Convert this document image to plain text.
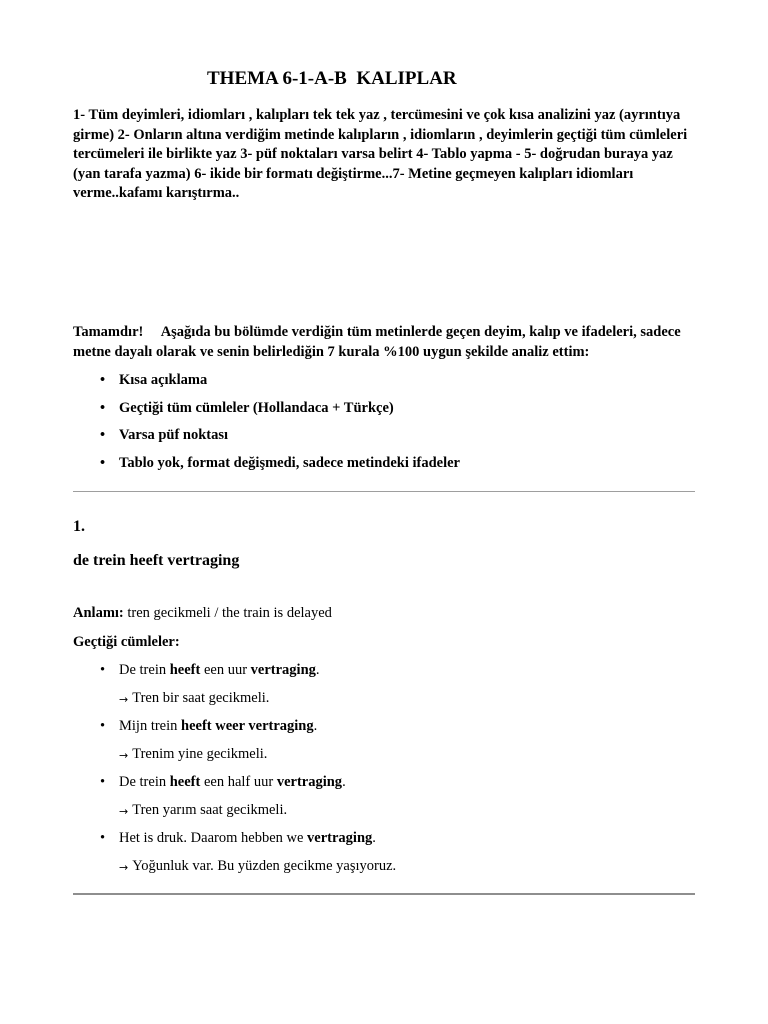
THEMA 6-1-A-B  KALIPLAR

1- Tüm deyimleri, idiomları , kalıpları tek tek yaz , tercümesini ve çok kısa analizini yaz (ayrıntıya girme) 2- Onların altına verdiğim metinde kalıpların , idiomların , deyimlerin geçtiği tüm cümleleri tercümeleri ile birlikte yaz 3- püf noktaları varsa belirt 4- Tablo yapma - 5- doğrudan buraya yaz (yan tarafa yazma) 6- ikide bir formatı değiştirme...7- Metine geçmeyen kalıpları idiomları verme..kafamı karıştırma..

Tamamdır!     Aşağıda bu bölümde verdiğin tüm metinlerde geçen deyim, kalıp ve ifadeleri, sadece metne dayalı olarak ve senin belirlediğin 7 kurala %100 uygun şekilde analiz ettim:

• Kısa açıklama
• Geçtiği tüm cümleler (Hollandaca + Türkçe)
• Varsa püf noktası
• Tablo yok, format değişmedi, sadece metindeki ifadeler
1.
de trein heeft vertraging

Anlamı: tren gecikmeli / the train is delayed

Geçtiği cümleler:

• De trein heeft een uur vertraging.
→ Tren bir saat gecikmeli.
• Mijn trein heeft weer vertraging.
→ Trenim yine gecikmeli.
• De trein heeft een half uur vertraging.
→ Tren yarım saat gecikmeli.
• Het is druk. Daarom hebben we vertraging.
→ Yoğunluk var. Bu yüzden gecikme yaşıyoruz.
